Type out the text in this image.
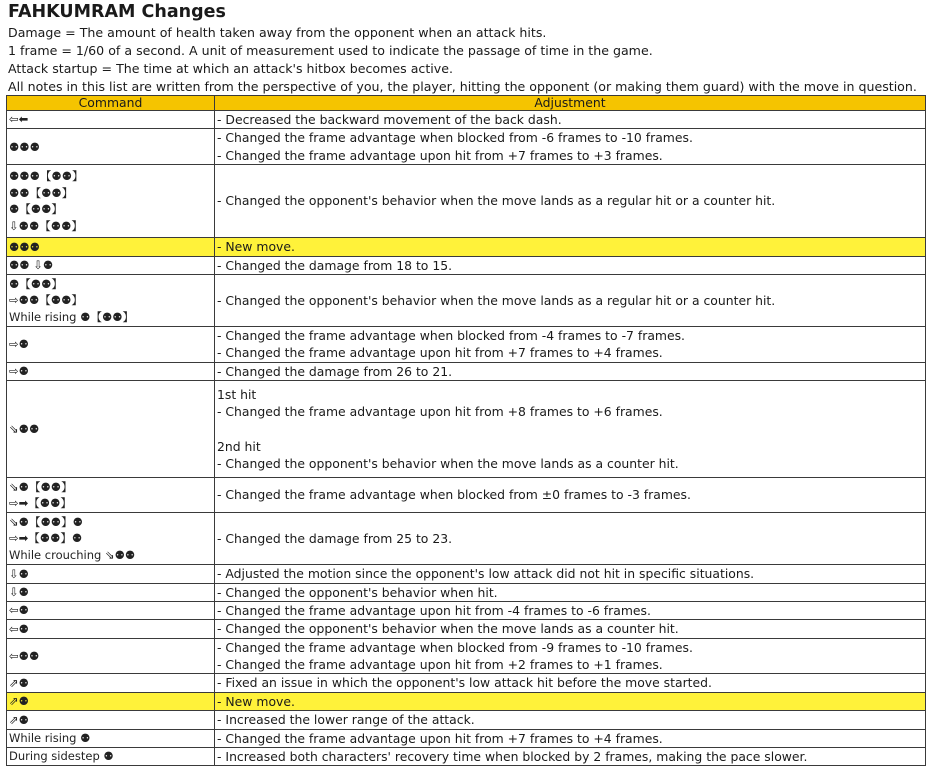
FAHKUMRAM Changes
Damage = The amount of health taken away from the opponent when an attack hits.
1 frame = 1/60 of a second. A unit of measurement used to indicate the passage of time in the game.
Attack startup = The time at which an attack's hitbox becomes active.
All notes in this list are written from the perspective of you, the player, hitting the opponent (or making them guard) with the move in question.
Command	Adjustment

⇦⬅	- Decreased the backward movement of the back dash.

⚉⚉⚉	- Changed the frame advantage when blocked from -6 frames to -10 frames.
- Changed the frame advantage upon hit from +7 frames to +3 frames.

⚉⚉⚉【⚉⚉】
⚉⚉【⚉⚉】
⚉【⚉⚉】
⇩⚉⚉【⚉⚉】	- Changed the opponent's behavior when the move lands as a regular hit or a counter hit.

⚉⚉⚉	- New move.

⚉⚉ ⇩⚉	- Changed the damage from 18 to 15.

⚉【⚉⚉】
⇨⚉⚉【⚉⚉】
While rising ⚉【⚉⚉】	- Changed the opponent's behavior when the move lands as a regular hit or a counter hit.

⇨⚉	- Changed the frame advantage when blocked from -4 frames to -7 frames.
- Changed the frame advantage upon hit from +7 frames to +4 frames.

⇨⚉	- Changed the damage from 26 to 21.

⇘⚉⚉	1st hit
- Changed the frame advantage upon hit from +8 frames to +6 frames.
2nd hit
- Changed the opponent's behavior when the move lands as a counter hit.

⇘⚉【⚉⚉】
⇨➡【⚉⚉】	- Changed the frame advantage when blocked from ±0 frames to -3 frames.

⇘⚉【⚉⚉】⚉
⇨➡【⚉⚉】⚉
While crouching ⇘⚉⚉	- Changed the damage from 25 to 23.

⇩⚉	- Adjusted the motion since the opponent's low attack did not hit in specific situations.

⇩⚉	- Changed the opponent's behavior when hit.

⇦⚉	- Changed the frame advantage upon hit from -4 frames to -6 frames.

⇦⚉	- Changed the opponent's behavior when the move lands as a counter hit.

⇦⚉⚉	- Changed the frame advantage when blocked from -9 frames to -10 frames.
- Changed the frame advantage upon hit from +2 frames to +1 frames.

⇗⚉	- Fixed an issue in which the opponent's low attack hit before the move started.

⇗⚉	- New move.

⇗⚉	- Increased the lower range of the attack.

While rising ⚉	- Changed the frame advantage upon hit from +7 frames to +4 frames.

During sidestep ⚉	- Increased both characters' recovery time when blocked by 2 frames, making the pace slower.
